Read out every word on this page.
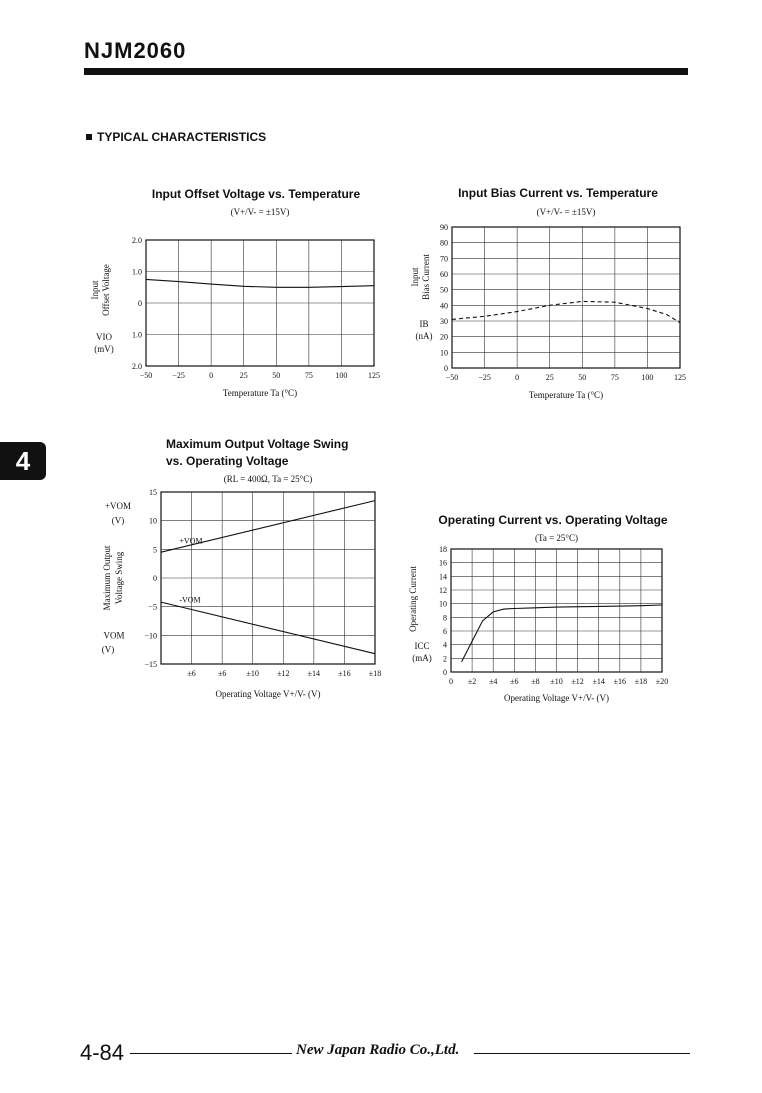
NJM2060
TYPICAL CHARACTERISTICS
4
Input Offset Voltage vs. Temperature
(V+/V- = ±15V)
−50	−25	0	25	50	75	100	125
2.0
1.0
0
1.0
2.0
Temperature Ta (°C)
Input Offset Voltage
VIO
(mV)
Input Bias Current vs. Temperature
(V+/V- = ±15V)
−50	−25	0	25	50	75	100	125
0
10
20
30
40
50
60
70
80
90
Temperature Ta (°C)
Input Bias Current
IB
(nA)
Maximum Output Voltage Swing
vs. Operating Voltage
(RL = 400Ω, Ta = 25°C)
±6	±6	±10 ±12 ±14 ±16 ±18
15
10
5
0
−5
−10
−15
Operating Voltage V+/V- (V)
Maximum Output Voltage Swing
+VOM
(V)
VOM
(V)
+VOM
-VOM
Operating Current vs. Operating Voltage
(Ta = 25°C)
0 ±2 ±4 ±6 ±8 ±10 ±12 ±14 ±16 ±18 ±20
0
2
4
6
8
10
12
14
16
18
Operating Voltage V+/V- (V)
Operating Current
ICC
(mA)
4-84	New Japan Radio Co.,Ltd.
